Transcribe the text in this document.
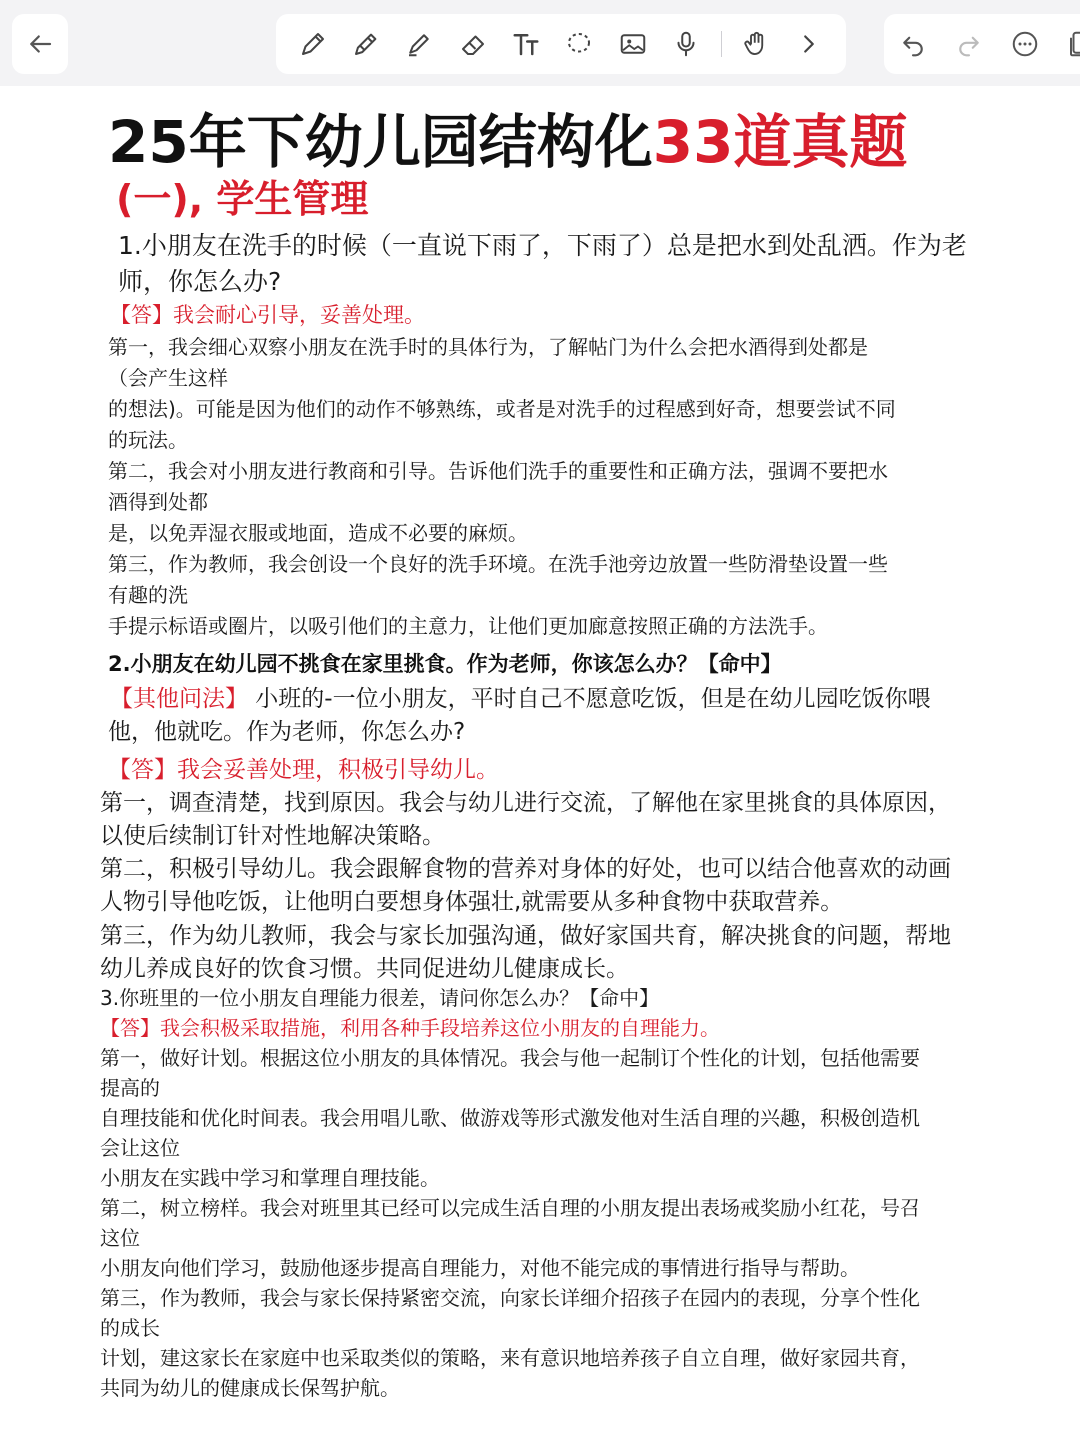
25年下幼儿园结构化33道真题
(一), 学生管理
1.小朋友在洗手的时候（一直说下雨了，下雨了）总是把水到处乱洒。作为老
师，你怎么办?
【答】我会耐心引导，妥善处理。
第一，我会细心双察小朋友在洗手时的具体行为，了解帖门为什么会把水酒得到处都是
（会产生这样
的想法)。可能是因为他们的动作不够熟练，或者是对洗手的过程感到好奇，想要尝试不同
的玩法。
第二，我会对小朋友进行教商和引导。告诉他们洗手的重要性和正确方法，强调不要把水
酒得到处都
是，以免弄湿衣服或地面，造成不必要的麻烦。
第三，作为教师，我会创设一个良好的洗手环境。在洗手池旁边放置一些防滑垫设置一些
有趣的洗
手提示标语或圈片，以吸引他们的主意力，让他们更加廊意按照正确的方法洗手。
2.小朋友在幼儿园不挑食在家里挑食。作为老师，你该怎么办？【命中】
【其他问法】 小班的-一位小朋友，平时自己不愿意吃饭，但是在幼儿园吃饭你喂
他，他就吃。作为老师，你怎么办?
【答】我会妥善处理，积极引导幼儿。
第一，调查清楚，找到原因。我会与幼儿进行交流，了解他在家里挑食的具体原因，
以使后续制订针对性地解决策略。
第二，积极引导幼儿。我会跟解食物的营养对身体的好处，也可以结合他喜欢的动画
人物引导他吃饭，让他明白要想身体强壮,就需要从多种食物中获取营养。
第三，作为幼儿教师，我会与家长加强沟通，做好家国共育，解决挑食的问题，帮地
幼儿养成良好的饮食习惯。共同促进幼儿健康成长。
3.你班里的一位小朋友自理能力很差，请问你怎么办？【命中】
【答】我会积极采取措施，利用各种手段培养这位小朋友的自理能力。
第一，做好计划。根据这位小朋友的具体情况。我会与他一起制订个性化的计划，包括他需要
提高的
自理技能和优化时间表。我会用唱儿歌、做游戏等形式激发他对生活自理的兴趣，积极创造机
会让这位
小朋友在实践中学习和掌理自理技能。
第二，树立榜样。我会对班里其已经可以完成生活自理的小朋友提出表场戒奖励小红花，号召
这位
小朋友向他们学习，鼓励他逐步提高自理能力，对他不能完成的事情进行指导与帮助。
第三，作为教师，我会与家长保持紧密交流，向家长详细介招孩子在园内的表现，分享个性化
的成长
计划，建这家长在家庭中也采取类似的策略，来有意识地培养孩子自立自理，做好家园共育，
共同为幼儿的健康成长保驾护航。
